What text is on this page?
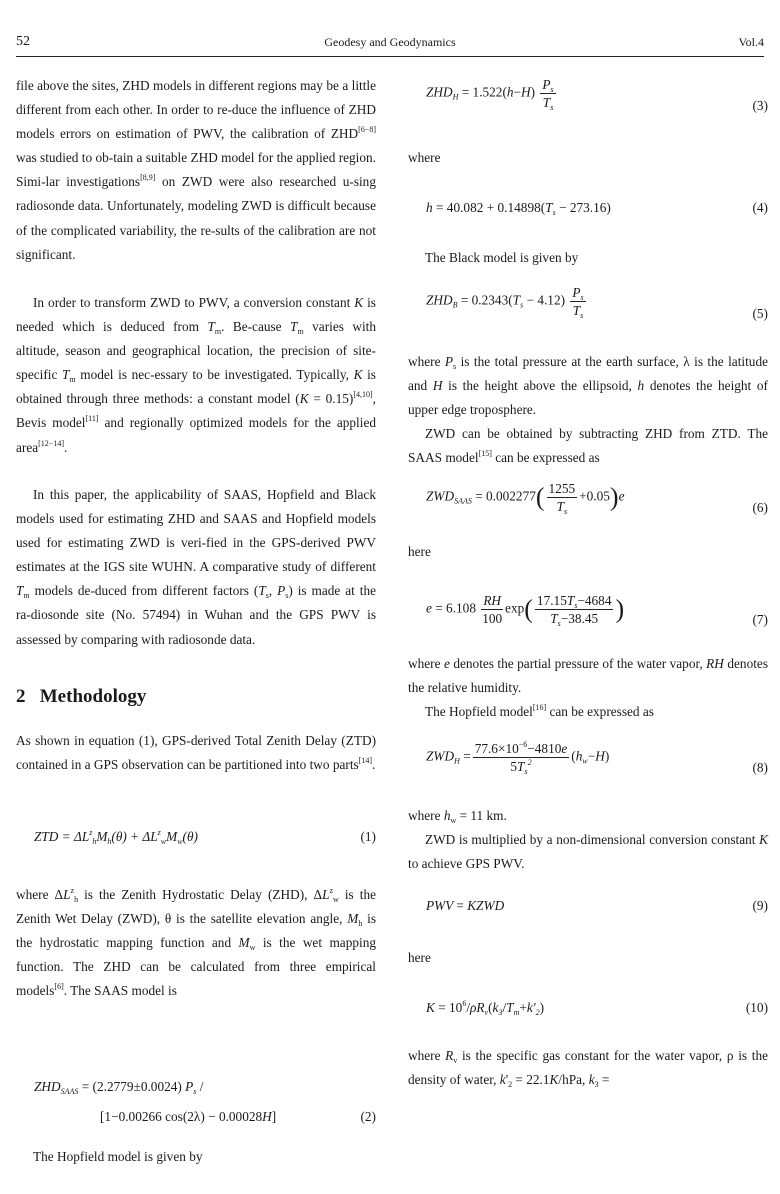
52	Geodesy and Geodynamics	Vol.4

file above the sites, ZHD models in different regions may be a little different from each other. In order to re-duce the influence of ZHD models errors on estimation of PWV, the calibration of ZHD[6−8] was studied to ob-tain a suitable ZHD model for the applied region. Simi-lar investigations[8,9] on ZWD were also researched u-sing radiosonde data. Unfortunately, modeling ZWD is difficult because of the complicated variability, the re-sults of the calibration are not significant.

In order to transform ZWD to PWV, a conversion constant K is needed which is deduced from $T_m$. Be-cause $T_m$ varies with altitude, season and geographical location, the precision of site-specific $T_m$ model is nec-essary to be investigated. Typically, K is obtained through three methods: a constant model (K = 0.15)[4,10], Bevis model[11] and regionally optimized models for the applied area[12−14].

In this paper, the applicability of SAAS, Hopfield and Black models used for estimating ZHD and SAAS and Hopfield models used for estimating ZWD is veri-fied in the GPS-derived PWV estimates at the IGS site WUHN. A comparative study of different $T_m$ models de-duced from different factors ($T_s$, $P_s$) is made at the ra-diosonde site (No. 57494) in Wuhan and the GPS PWV is assessed by comparing with radiosonde data.

2   Methodology

As shown in equation (1), GPS-derived Total Zenith Delay (ZTD) contained in a GPS observation can be partitioned into two parts[14].

ZTD = $\Delta L^z_hM_h(\theta) + \Delta L^z_wM_w(\theta)$	(1)

where $\Delta L^z_h$ is the Zenith Hydrostatic Delay (ZHD), $\Delta L^z_w$ is the Zenith Wet Delay (ZWD), θ is the satellite elevation angle, $M_h$ is the hydrostatic mapping function and $M_w$ is the wet mapping function. The ZHD can be calculated from three empirical models[6]. The SAAS model is

$ZHD_{SAAS} = (2.2779\pm 0.0024)$ $P_s$ /
[1−0.00266 cos(2λ) − 0.00028H]	(2)

The Hopfield model is given by

$ZHD_H = 1.522(h-H) \frac{P_s}{T_s}$	(3)

where

$h = 40.082 + 0.14898(T_s - 273.16)$	(4)

The Black model is given by

$ZHD_B = 0.2343(T_s - 4.12) \frac{P_s}{T_s}$	(5)

where $P_s$ is the total pressure at the earth surface, λ is the latitude and H is the height above the ellipsoid, h denotes the height of upper edge troposphere.

ZWD can be obtained by subtracting ZHD from ZTD. The SAAS model[15] can be expressed as

$ZWD_{SAAS} = 0.002277( \frac{1255}{T_s} +0.05)e$
(6)

here

$e = 6.108 \frac{RH}{100} \exp( \frac{17.15T_s-4684}{T_s-38.45}$ )	(7)

where e denotes the partial pressure of the water vapor, RH denotes the relative humidity.

The Hopfield model[16] can be expressed as

$ZWD_H = \frac{77.6\times 10^{-6}-4810e}{5T_s^2} (h_w-H)$
(8)

where $h_w = 11$ km.

ZWD is multiplied by a non-dimensional conversion constant K to achieve GPS PWV.

PWV = KZWD	(9)

here

$K = 10^6/\rho R_v(k_3/T_m+k'_2)$	(10)

where $R_v$ is the specific gas constant for the water vapor, ρ is the density of water, $k'_2 = 22.1K/hPa$, $k_3$ =
